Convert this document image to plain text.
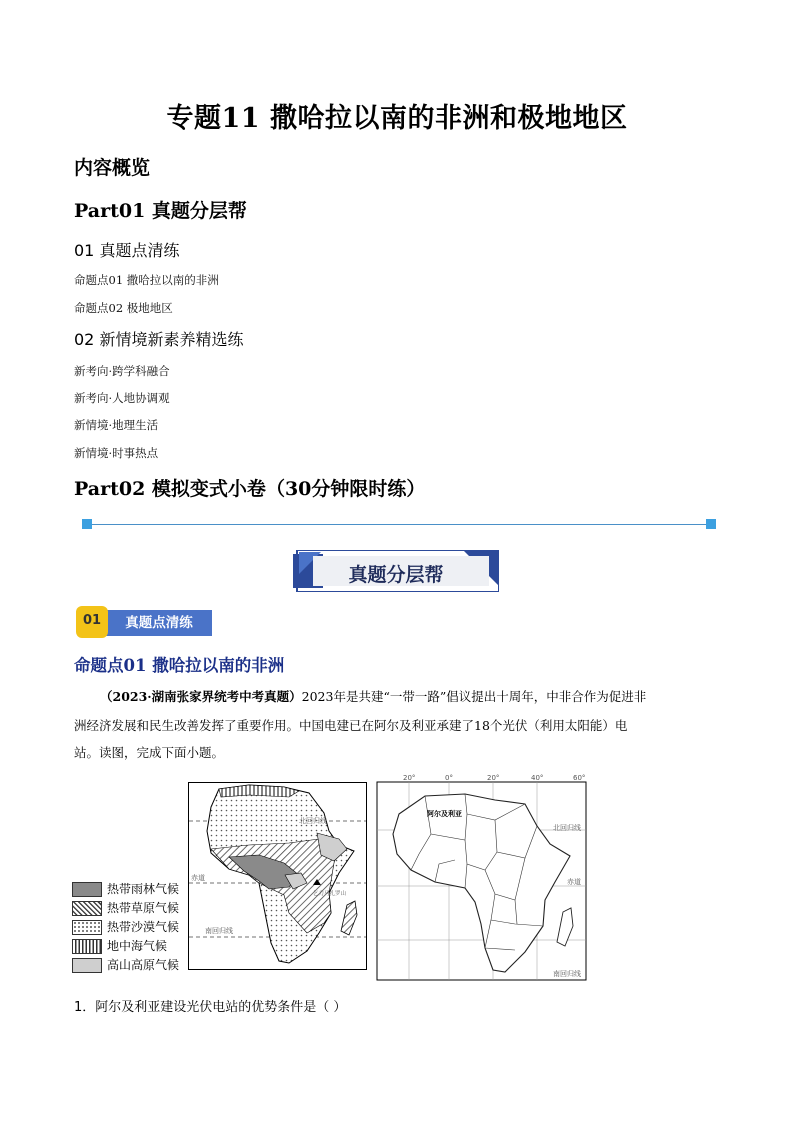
专题11 撒哈拉以南的非洲和极地地区
内容概览
Part01 真题分层帮
01 真题点清练
命题点01 撒哈拉以南的非洲
命题点02 极地地区
02 新情境新素养精选练
新考向·跨学科融合
新考向·人地协调观
新情境·地理生活
新情境·时事热点
Part02 模拟变式小卷（30分钟限时练）
真题分层帮
真题点清练
01
命题点01 撒哈拉以南的非洲
（2023·湖南张家界统考中考真题）2023年是共建“一带一路”倡议提出十周年，中非合作为促进非
洲经济发展和民生改善发挥了重要作用。中国电建已在阿尔及利亚承建了18个光伏（利用太阳能）电
站。读图，完成下面小题。
北回归线
赤道
南回归线
乞力马扎罗山
热带雨林气候
热带草原气候
热带沙漠气候
地中海气候
高山高原气候
20°	0°	20°	40°	60°
阿尔及利亚
北回归线
赤道
南回归线
1．阿尔及利亚建设光伏电站的优势条件是（ ）
